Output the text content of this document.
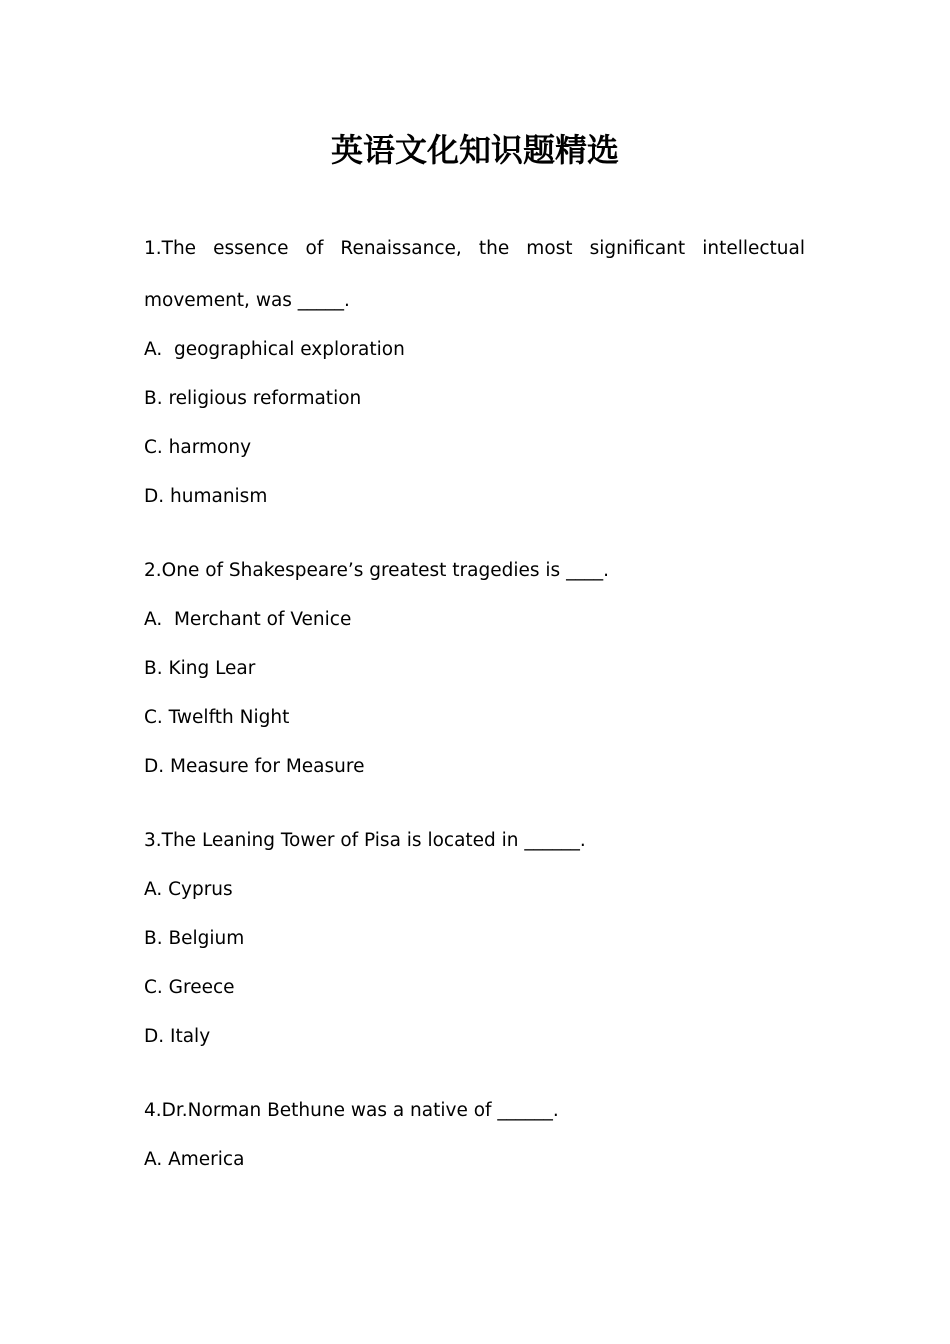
英语文化知识题精选
1.The essence of Renaissance, the most significant intellectual
movement, was _____.
A.  geographical exploration
B. religious reformation
C. harmony
D. humanism
2.One of Shakespeare’s greatest tragedies is ____.
A.  Merchant of Venice
B. King Lear
C. Twelfth Night
D. Measure for Measure
3.The Leaning Tower of Pisa is located in ______.
A. Cyprus
B. Belgium
C. Greece
D. Italy
4.Dr.Norman Bethune was a native of ______.
A. America
